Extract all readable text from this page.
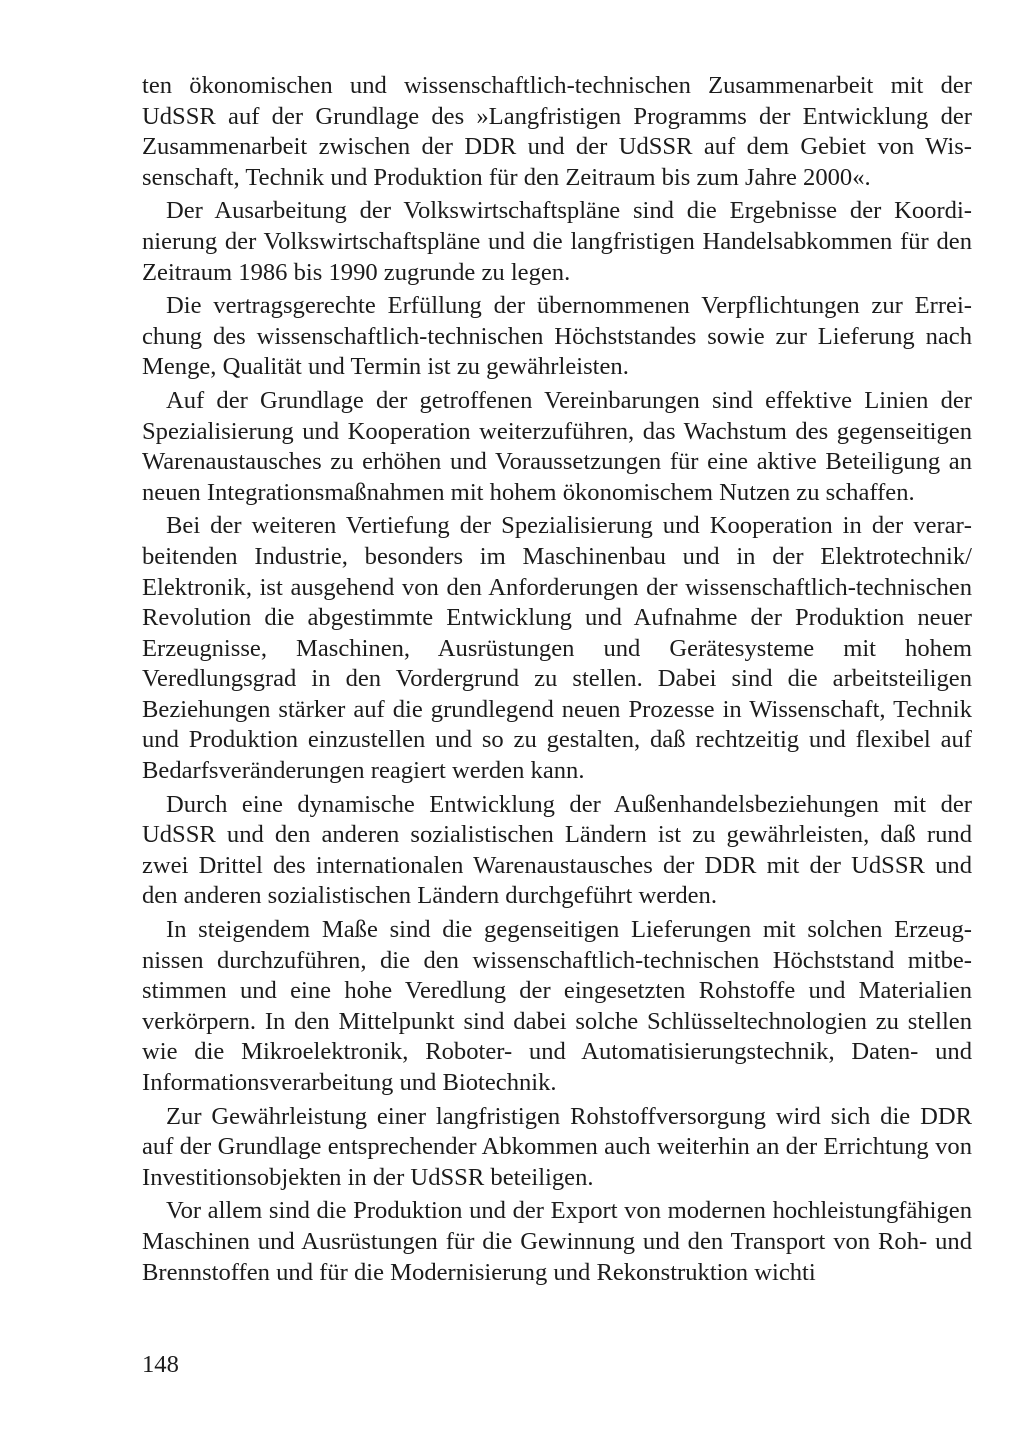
ten ökonomischen und wissenschaftlich-technischen Zusammenarbeit mit der UdSSR auf der Grundlage des »Langfristigen Programms der Entwicklung der Zusammenarbeit zwischen der DDR und der UdSSR auf dem Gebiet von Wissenschaft, Technik und Produktion für den Zeitraum bis zum Jahre 2000«.

Der Ausarbeitung der Volkswirtschaftspläne sind die Ergebnisse der Koordinierung der Volkswirtschaftspläne und die langfristigen Handelsabkommen für den Zeitraum 1986 bis 1990 zugrunde zu legen.

Die vertragsgerechte Erfüllung der übernommenen Verpflichtungen zur Erreichung des wissenschaftlich-technischen Höchststandes sowie zur Lieferung nach Menge, Qualität und Termin ist zu gewährleisten.

Auf der Grundlage der getroffenen Vereinbarungen sind effektive Linien der Spezialisierung und Kooperation weiterzuführen, das Wachstum des gegenseitigen Warenaustausches zu erhöhen und Voraussetzungen für eine aktive Beteiligung an neuen Integrationsmaßnahmen mit hohem ökonomischem Nutzen zu schaffen.

Bei der weiteren Vertiefung der Spezialisierung und Kooperation in der verarbeitenden Industrie, besonders im Maschinenbau und in der Elektrotechnik/ Elektronik, ist ausgehend von den Anforderungen der wissenschaftlich-technischen Revolution die abgestimmte Entwicklung und Aufnahme der Produktion neuer Erzeugnisse, Maschinen, Ausrüstungen und Gerätesysteme mit hohem Veredlungsgrad in den Vordergrund zu stellen. Dabei sind die arbeitsteiligen Beziehungen stärker auf die grundlegend neuen Prozesse in Wissenschaft, Technik und Produktion einzustellen und so zu gestalten, daß rechtzeitig und flexibel auf Bedarfsveränderungen reagiert werden kann.

Durch eine dynamische Entwicklung der Außenhandelsbeziehungen mit der UdSSR und den anderen sozialistischen Ländern ist zu gewährleisten, daß rund zwei Drittel des internationalen Warenaustausches der DDR mit der UdSSR und den anderen sozialistischen Ländern durchgeführt werden.

In steigendem Maße sind die gegenseitigen Lieferungen mit solchen Erzeugnissen durchzuführen, die den wissenschaftlich-technischen Höchststand mitbestimmen und eine hohe Veredlung der eingesetzten Rohstoffe und Materialien verkörpern. In den Mittelpunkt sind dabei solche Schlüsseltechnologien zu stellen wie die Mikroelektronik, Roboter- und Automatisierungstechnik, Daten- und Informationsverarbeitung und Biotechnik.

Zur Gewährleistung einer langfristigen Rohstoffversorgung wird sich die DDR auf der Grundlage entsprechender Abkommen auch weiterhin an der Errichtung von Investitionsobjekten in der UdSSR beteiligen.

Vor allem sind die Produktion und der Export von modernen hochleistungfähigen Maschinen und Ausrüstungen für die Gewinnung und den Transport von Roh- und Brennstoffen und für die Modernisierung und Rekonstruktion wichti

148
